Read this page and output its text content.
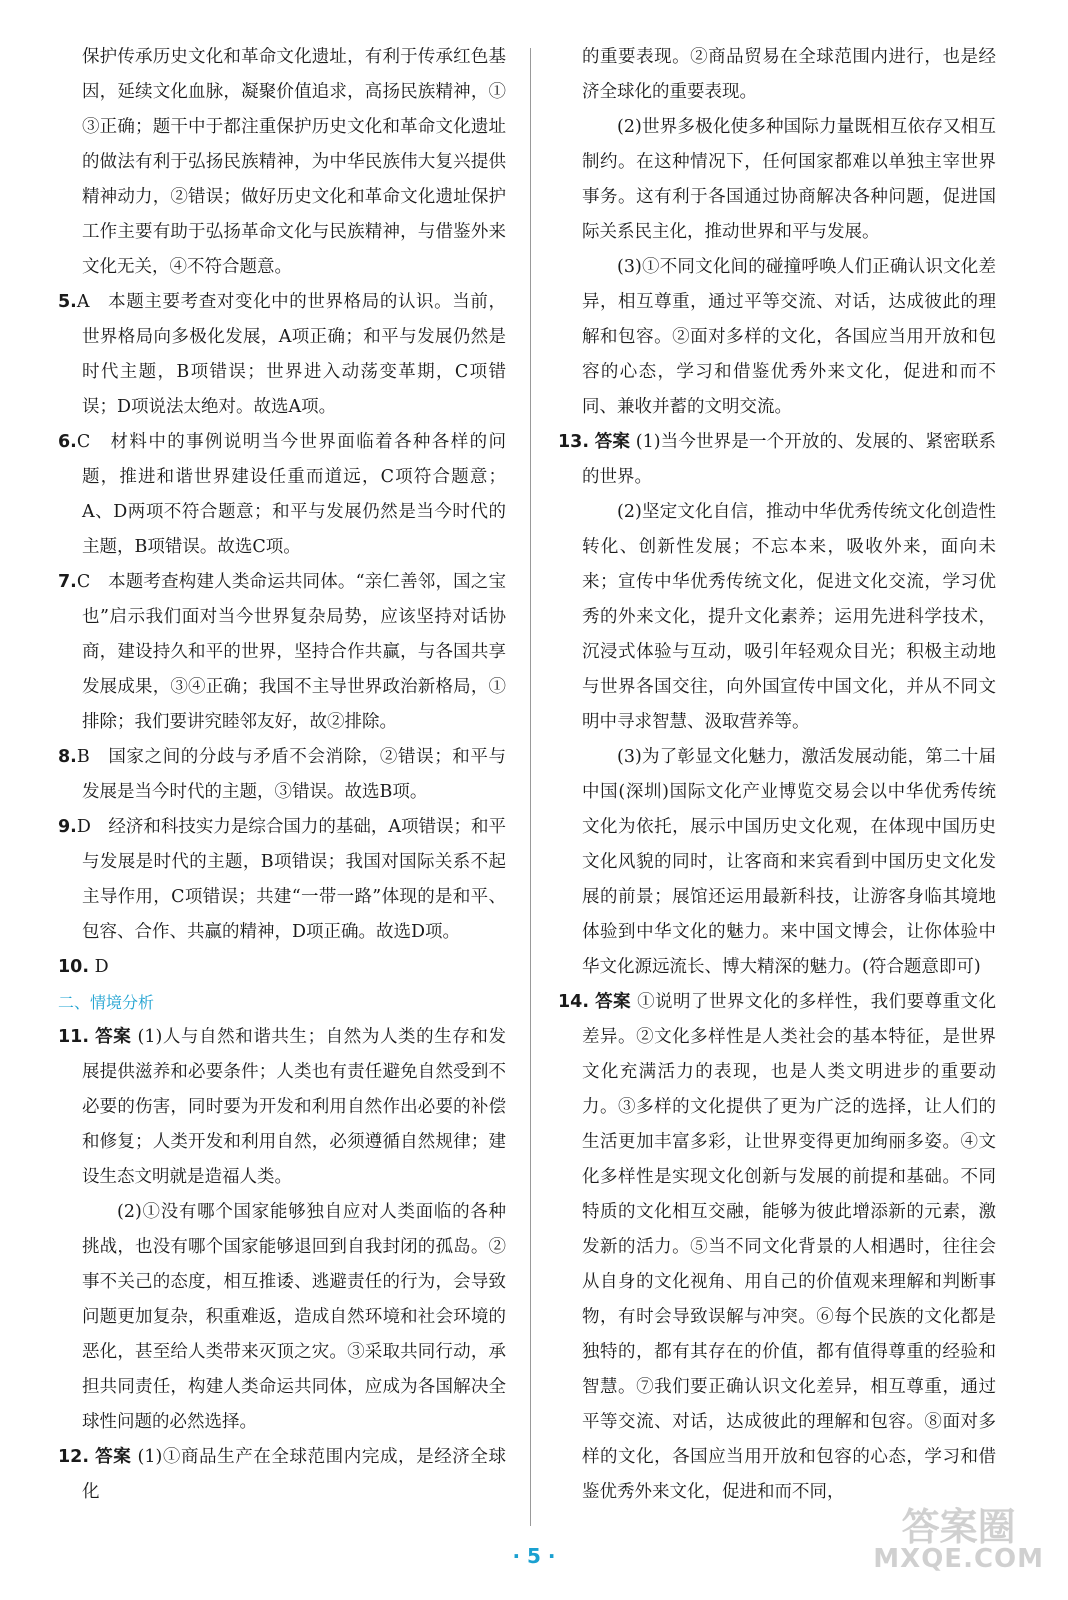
保护传承历史文化和革命文化遗址，有利于传承红色基因，延续文化血脉，凝聚价值追求，高扬民族精神，①③正确；题干中于都注重保护历史文化和革命文化遗址的做法有利于弘扬民族精神，为中华民族伟大复兴提供精神动力，②错误；做好历史文化和革命文化遗址保护工作主要有助于弘扬革命文化与民族精神，与借鉴外来文化无关，④不符合题意。
5.A　本题主要考查对变化中的世界格局的认识。当前，世界格局向多极化发展，A项正确；和平与发展仍然是时代主题，B项错误；世界进入动荡变革期，C项错误；D项说法太绝对。故选A项。
6.C　材料中的事例说明当今世界面临着各种各样的问题，推进和谐世界建设任重而道远，C项符合题意；A、D两项不符合题意；和平与发展仍然是当今时代的主题，B项错误。故选C项。
7.C　本题考查构建人类命运共同体。“亲仁善邻，国之宝也”启示我们面对当今世界复杂局势，应该坚持对话协商，建设持久和平的世界，坚持合作共赢，与各国共享发展成果，③④正确；我国不主导世界政治新格局，①排除；我们要讲究睦邻友好，故②排除。
8.B　国家之间的分歧与矛盾不会消除，②错误；和平与发展是当今时代的主题，③错误。故选B项。
9.D　经济和科技实力是综合国力的基础，A项错误；和平与发展是时代的主题，B项错误；我国对国际关系不起主导作用，C项错误；共建“一带一路”体现的是和平、包容、合作、共赢的精神，D项正确。故选D项。
10. D
二、情境分析
11. 答案 (1)人与自然和谐共生；自然为人类的生存和发展提供滋养和必要条件；人类也有责任避免自然受到不必要的伤害，同时要为开发和利用自然作出必要的补偿和修复；人类开发和利用自然，必须遵循自然规律；建设生态文明就是造福人类。
(2)①没有哪个国家能够独自应对人类面临的各种挑战，也没有哪个国家能够退回到自我封闭的孤岛。②事不关己的态度，相互推诿、逃避责任的行为，会导致问题更加复杂，积重难返，造成自然环境和社会环境的恶化，甚至给人类带来灭顶之灾。③采取共同行动，承担共同责任，构建人类命运共同体，应成为各国解决全球性问题的必然选择。
12. 答案 (1)①商品生产在全球范围内完成，是经济全球化
的重要表现。②商品贸易在全球范围内进行，也是经济全球化的重要表现。
(2)世界多极化使多种国际力量既相互依存又相互制约。在这种情况下，任何国家都难以单独主宰世界事务。这有利于各国通过协商解决各种问题，促进国际关系民主化，推动世界和平与发展。
(3)①不同文化间的碰撞呼唤人们正确认识文化差异，相互尊重，通过平等交流、对话，达成彼此的理解和包容。②面对多样的文化，各国应当用开放和包容的心态，学习和借鉴优秀外来文化，促进和而不同、兼收并蓄的文明交流。
13. 答案 (1)当今世界是一个开放的、发展的、紧密联系的世界。
(2)坚定文化自信，推动中华优秀传统文化创造性转化、创新性发展；不忘本来，吸收外来，面向未来；宣传中华优秀传统文化，促进文化交流，学习优秀的外来文化，提升文化素养；运用先进科学技术，沉浸式体验与互动，吸引年轻观众目光；积极主动地与世界各国交往，向外国宣传中国文化，并从不同文明中寻求智慧、汲取营养等。
(3)为了彰显文化魅力，激活发展动能，第二十届中国(深圳)国际文化产业博览交易会以中华优秀传统文化为依托，展示中国历史文化观，在体现中国历史文化风貌的同时，让客商和来宾看到中国历史文化发展的前景；展馆还运用最新科技，让游客身临其境地体验到中华文化的魅力。来中国文博会，让你体验中华文化源远流长、博大精深的魅力。(符合题意即可)
14. 答案 ①说明了世界文化的多样性，我们要尊重文化差异。②文化多样性是人类社会的基本特征，是世界文化充满活力的表现，也是人类文明进步的重要动力。③多样的文化提供了更为广泛的选择，让人们的生活更加丰富多彩，让世界变得更加绚丽多姿。④文化多样性是实现文化创新与发展的前提和基础。不同特质的文化相互交融，能够为彼此增添新的元素，激发新的活力。⑤当不同文化背景的人相遇时，往往会从自身的文化视角、用自己的价值观来理解和判断事物，有时会导致误解与冲突。⑥每个民族的文化都是独特的，都有其存在的价值，都有值得尊重的经验和智慧。⑦我们要正确认识文化差异，相互尊重，通过平等交流、对话，达成彼此的理解和包容。⑧面对多样的文化，各国应当用开放和包容的心态，学习和借鉴优秀外来文化，促进和而不同，
· 5 ·
答案圈
MXQE.COM
